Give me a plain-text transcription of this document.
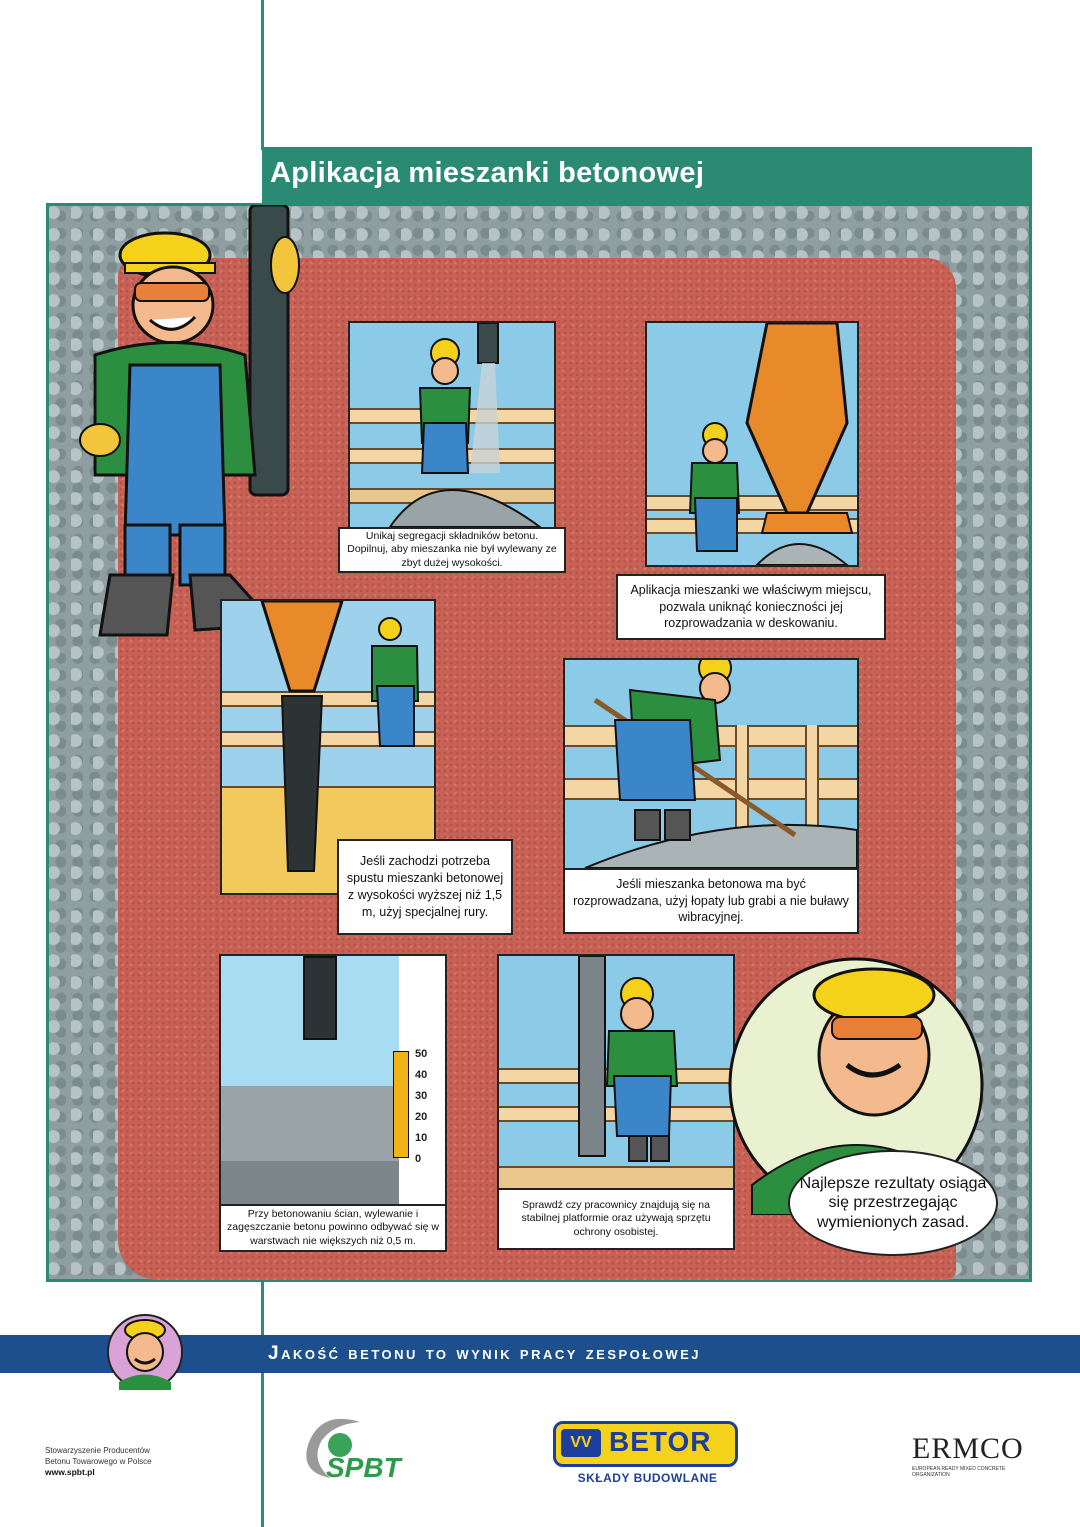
Aplikacja mieszanki betonowej
Unikaj segregacji składników betonu. Dopilnuj, aby mieszanka nie był wylewany ze zbyt dużej wysokości.
Aplikacja mieszanki we właściwym miejscu, pozwala uniknąć konieczności jej rozprowadzania w deskowaniu.
Jeśli zachodzi potrzeba spustu mieszanki betonowej z wysokości wyższej niż 1,5 m, użyj specjalnej rury.
Jeśli mieszanka betonowa ma być rozprowadzana, użyj łopaty lub grabi a nie buławy wibracyjnej.
50
40
30
20
10
0
Przy betonowaniu ścian, wylewanie i zagęszczanie betonu powinno odbywać się w warstwach nie większych niż 0,5 m.
Sprawdź czy pracownicy znajdują się na stabilnej platformie oraz używają sprzętu ochrony osobistej.
Najlepsze rezultaty osiąga się przestrzegając wymienionych zasad.
Jakość betonu to wynik pracy zespołowej
Stowarzyszenie Producentów
Betonu Towarowego w Polsce
www.spbt.pl	SPBT
VV BETOR
SKŁADY BUDOWLANE
ERMCO
EUROPEAN READY MIXED CONCRETE ORGANIZATION
